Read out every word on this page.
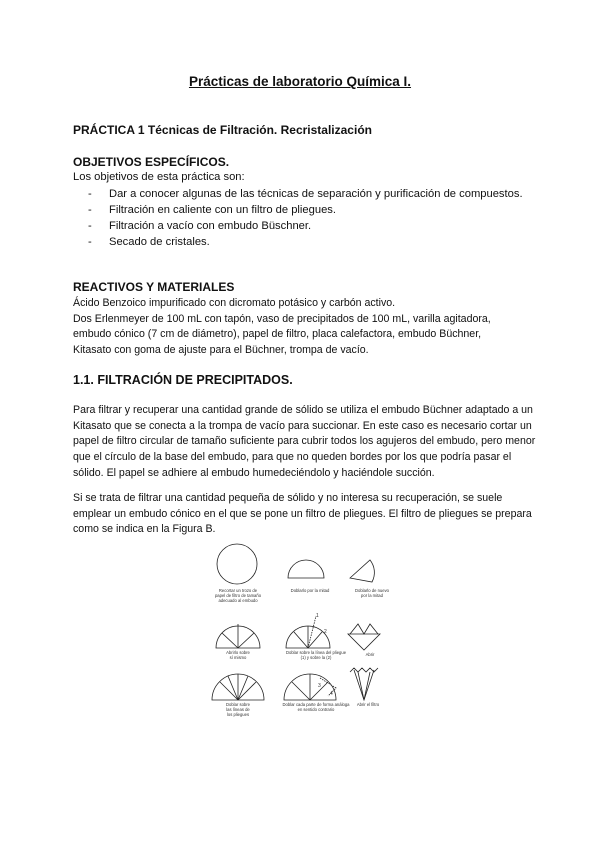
Prácticas de laboratorio Química I.
PRÁCTICA 1 Técnicas de Filtración. Recristalización
OBJETIVOS ESPECÍFICOS.

Los objetivos de esta práctica son:

- Dar a conocer algunas de las técnicas de separación y purificación de compuestos.
- Filtración en caliente con un filtro de pliegues.
- Filtración a vacío con embudo Büschner.
- Secado de cristales.
REACTIVOS Y MATERIALES
Ácido Benzoico impurificado con dicromato potásico y carbón activo.
Dos Erlenmeyer de 100 mL con tapón, vaso de precipitados de 100 mL, varilla agitadora,
embudo cónico (7 cm de diámetro), papel de filtro, placa calefactora, embudo Büchner,
Kitasato con goma de ajuste para el Büchner, trompa de vacío.
1.1. FILTRACIÓN DE PRECIPITADOS.

Para filtrar y recuperar una cantidad grande de sólido se utiliza el embudo Büchner adaptado a un Kitasato que se conecta a la trompa de vacío para succionar. En este caso es necesario cortar un papel de filtro circular de tamaño suficiente para cubrir todos los agujeros del embudo, pero menor que el círculo de la base del embudo, para que no queden bordes por los que podría pasar el sólido. El papel se adhiere al embudo humedeciéndolo y haciéndole succión.

Si se trata de filtrar una cantidad pequeña de sólido y no interesa su recuperación, se suele emplear un embudo cónico en el que se pone un filtro de pliegues. El filtro de pliegues se prepara como se indica en la Figura B.

Recortar un trozo de
papel de filtro de tamaño
adecuado al embudo
Doblarlo por la mitad	Doblarlo de nuevo
por la mitad
Abrirlo sobre
sí mismo
Doblar sobre la línea del pliegue
(1) y sobre la (2)
Abrir
Doblar sobre
las líneas de
los pliegues
Doblar cada parte de forma análoga
en sentido contrario
Abrir el filtro
1
2
3
4
